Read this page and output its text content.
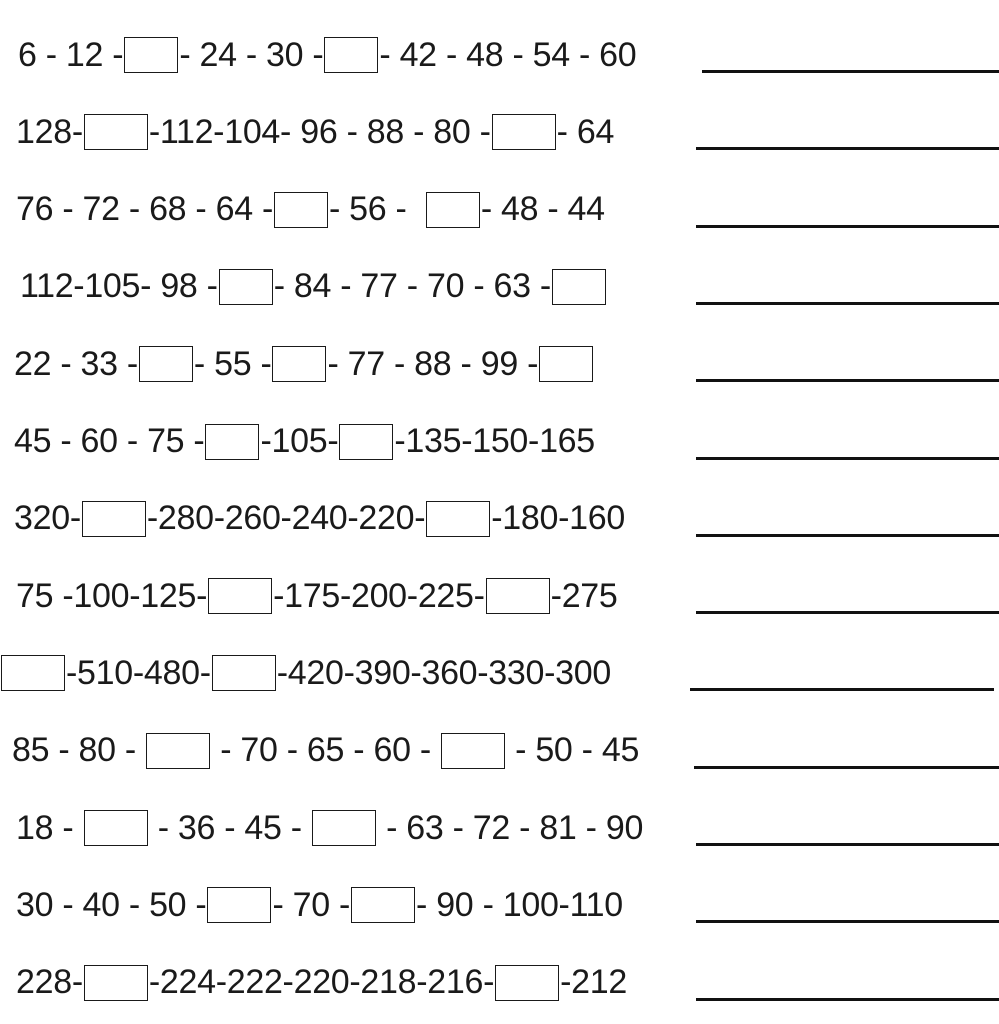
6 - 12 - - 24 - 30 - - 42 - 48 - 54 - 60
128- -112-104- 96 - 88 - 80 - - 64
76 - 72 - 68 - 64 - - 56 - - 48 - 44
112-105- 98 - - 84 - 77 - 70 - 63 -
22 - 33 - - 55 - - 77 - 88 - 99 -
45 - 60 - 75 - -105- -135-150-165
320- -280-260-240-220- -180-160
75 -100-125- -175-200-225- -275
-510-480- -420-390-360-330-300
85 - 80 - - 70 - 65 - 60 - - 50 - 45
18 - - 36 - 45 - - 63 - 72 - 81 - 90
30 - 40 - 50 - - 70 - - 90 - 100-110
228- -224-222-220-218-216- -212
